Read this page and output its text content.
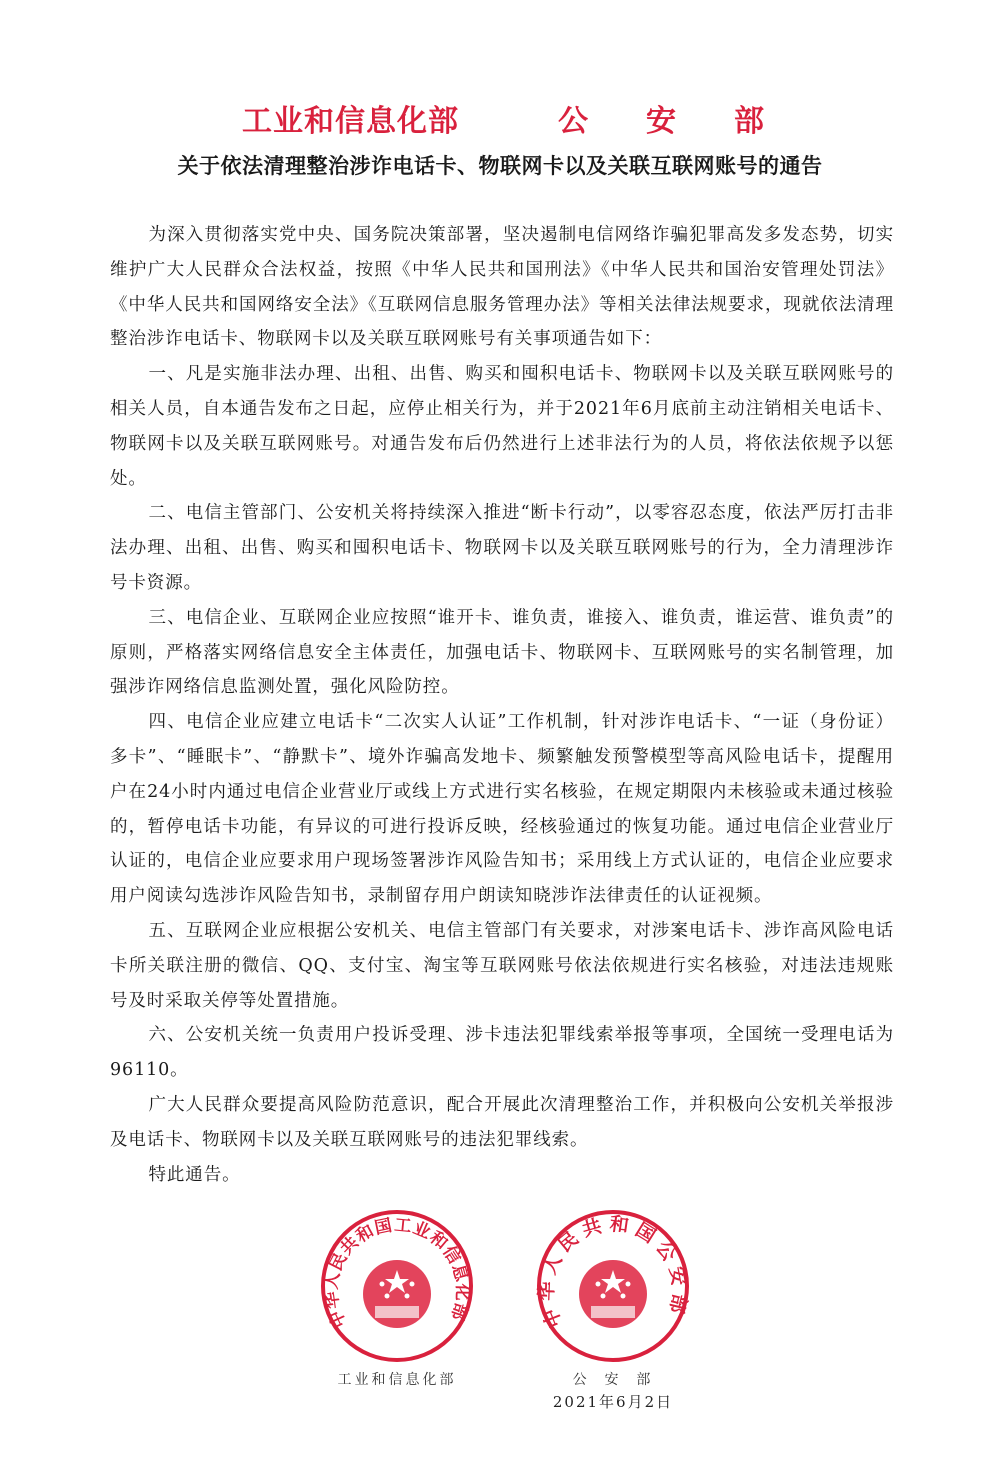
工业和信息化部	公 安 部
关于依法清理整治涉诈电话卡、物联网卡以及关联互联网账号的通告

为深入贯彻落实党中央、国务院决策部署，坚决遏制电信网络诈骗犯罪高发多发态势，切实维护广大人民群众合法权益，按照《中华人民共和国刑法》《中华人民共和国治安管理处罚法》《中华人民共和国网络安全法》《互联网信息服务管理办法》等相关法律法规要求，现就依法清理整治涉诈电话卡、物联网卡以及关联互联网账号有关事项通告如下：

一、凡是实施非法办理、出租、出售、购买和囤积电话卡、物联网卡以及关联互联网账号的相关人员，自本通告发布之日起，应停止相关行为，并于2021年6月底前主动注销相关电话卡、物联网卡以及关联互联网账号。对通告发布后仍然进行上述非法行为的人员，将依法依规予以惩处。

二、电信主管部门、公安机关将持续深入推进“断卡行动”，以零容忍态度，依法严厉打击非法办理、出租、出售、购买和囤积电话卡、物联网卡以及关联互联网账号的行为，全力清理涉诈号卡资源。

三、电信企业、互联网企业应按照“谁开卡、谁负责，谁接入、谁负责，谁运营、谁负责”的原则，严格落实网络信息安全主体责任，加强电话卡、物联网卡、互联网账号的实名制管理，加强涉诈网络信息监测处置，强化风险防控。

四、电信企业应建立电话卡“二次实人认证”工作机制，针对涉诈电话卡、“一证（身份证）多卡”、“睡眠卡”、“静默卡”、境外诈骗高发地卡、频繁触发预警模型等高风险电话卡，提醒用户在24小时内通过电信企业营业厅或线上方式进行实名核验，在规定期限内未核验或未通过核验的，暂停电话卡功能，有异议的可进行投诉反映，经核验通过的恢复功能。通过电信企业营业厅认证的，电信企业应要求用户现场签署涉诈风险告知书；采用线上方式认证的，电信企业应要求用户阅读勾选涉诈风险告知书，录制留存用户朗读知晓涉诈法律责任的认证视频。

五、互联网企业应根据公安机关、电信主管部门有关要求，对涉案电话卡、涉诈高风险电话卡所关联注册的微信、QQ、支付宝、淘宝等互联网账号依法依规进行实名核验，对违法违规账号及时采取关停等处置措施。

六、公安机关统一负责用户投诉受理、涉卡违法犯罪线索举报等事项，全国统一受理电话为96110。

广大人民群众要提高风险防范意识，配合开展此次清理整治工作，并积极向公安机关举报涉及电话卡、物联网卡以及关联互联网账号的违法犯罪线索。

特此通告。

中华人民共和国工业和信息化部
工业和信息化部
中华人民共和国公安部
公  安  部
2021年6月2日
